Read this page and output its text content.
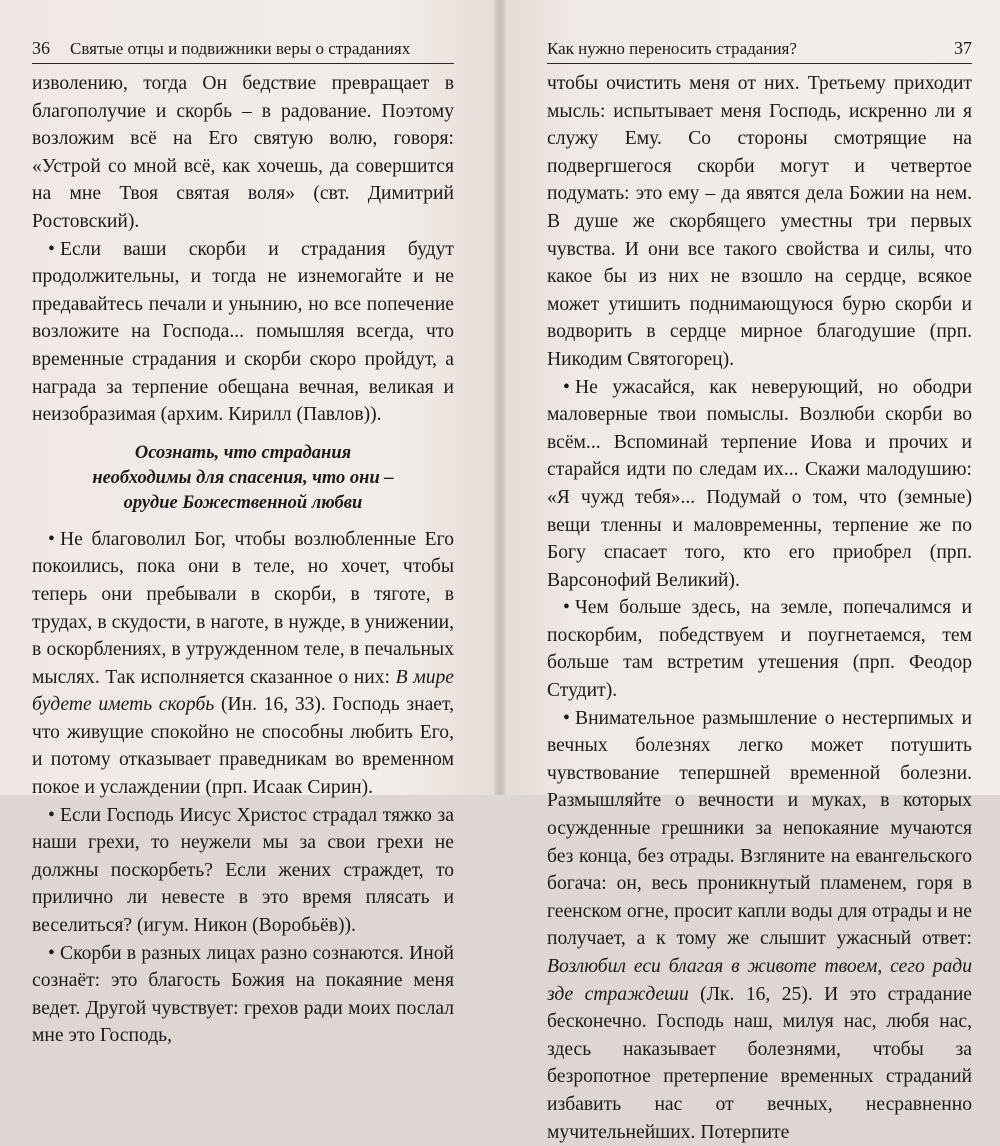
36 Святые отцы и подвижники веры о страданиях

изволению, тогда Он бедствие превращает в благополучие и скорбь – в радование. Поэтому возложим всё на Его святую волю, говоря: «Устрой со мной всё, как хочешь, да совершится на мне Твоя святая воля» (свт. Димитрий Ростовский).

• Если ваши скорби и страдания будут продолжительны, и тогда не изнемогайте и не предавайтесь печали и унынию, но все попечение возложите на Господа... помышляя всегда, что временные страдания и скорби скоро пройдут, а награда за терпение обещана вечная, великая и неизобразимая (архим. Кирилл (Павлов)).

Осознать, что страдания
необходимы для спасения, что они –
орудие Божественной любви

• Не благоволил Бог, чтобы возлюбленные Его покоились, пока они в теле, но хочет, чтобы теперь они пребывали в скорби, в тяготе, в трудах, в скудости, в наготе, в нужде, в унижении, в оскорблениях, в утружденном теле, в печальных мыслях. Так исполняется сказанное о них: В мире будете иметь скорбь (Ин. 16, 33). Господь знает, что живущие спокойно не способны любить Его, и потому отказывает праведникам во временном покое и услаждении (прп. Исаак Сирин).

• Если Господь Иисус Христос страдал тяжко за наши грехи, то неужели мы за свои грехи не должны поскорбеть? Если жених страждет, то прилично ли невесте в это время плясать и веселиться? (игум. Никон (Воробьёв)).

• Скорби в разных лицах разно сознаются. Иной сознаёт: это благость Божия на покаяние меня ведет. Другой чувствует: грехов ради моих послал мне это Господь,

Как нужно переносить страдания?	37

чтобы очистить меня от них. Третьему приходит мысль: испытывает меня Господь, искренно ли я служу Ему. Со стороны смотрящие на подвергшегося скорби могут и четвертое подумать: это ему – да явятся дела Божии на нем. В душе же скорбящего уместны три первых чувства. И они все такого свойства и силы, что какое бы из них не взошло на сердце, всякое может утишить поднимающуюся бурю скорби и водворить в сердце мирное благодушие (прп. Никодим Святогорец).

• Не ужасайся, как неверующий, но ободри маловерные твои помыслы. Возлюби скорби во всём... Вспоминай терпение Иова и прочих и старайся идти по следам их... Скажи малодушию: «Я чужд тебя»... Подумай о том, что (земные) вещи тленны и маловременны, терпение же по Богу спасает того, кто его приобрел (прп. Варсонофий Великий).

• Чем больше здесь, на земле, попечалимся и поскорбим, победствуем и поугнетаемся, тем больше там встретим утешения (прп. Феодор Студит).

• Внимательное размышление о нестерпимых и вечных болезнях легко может потушить чувствование тепершней временной болезни. Размышляйте о вечности и муках, в которых осужденные грешники за непокаяние мучаются без конца, без отрады. Взгляните на евангельского богача: он, весь проникнутый пламенем, горя в геенском огне, просит капли воды для отрады и не получает, а к тому же слышит ужасный ответ: Возлюбил еси благая в животе твоем, сего ради зде страждеши (Лк. 16, 25). И это страдание бесконечно. Господь наш, милуя нас, любя нас, здесь наказывает болезнями, чтобы за безропотное претерпение временных страданий избавить нас от вечных, несравненно мучительнейших. Потерпите
